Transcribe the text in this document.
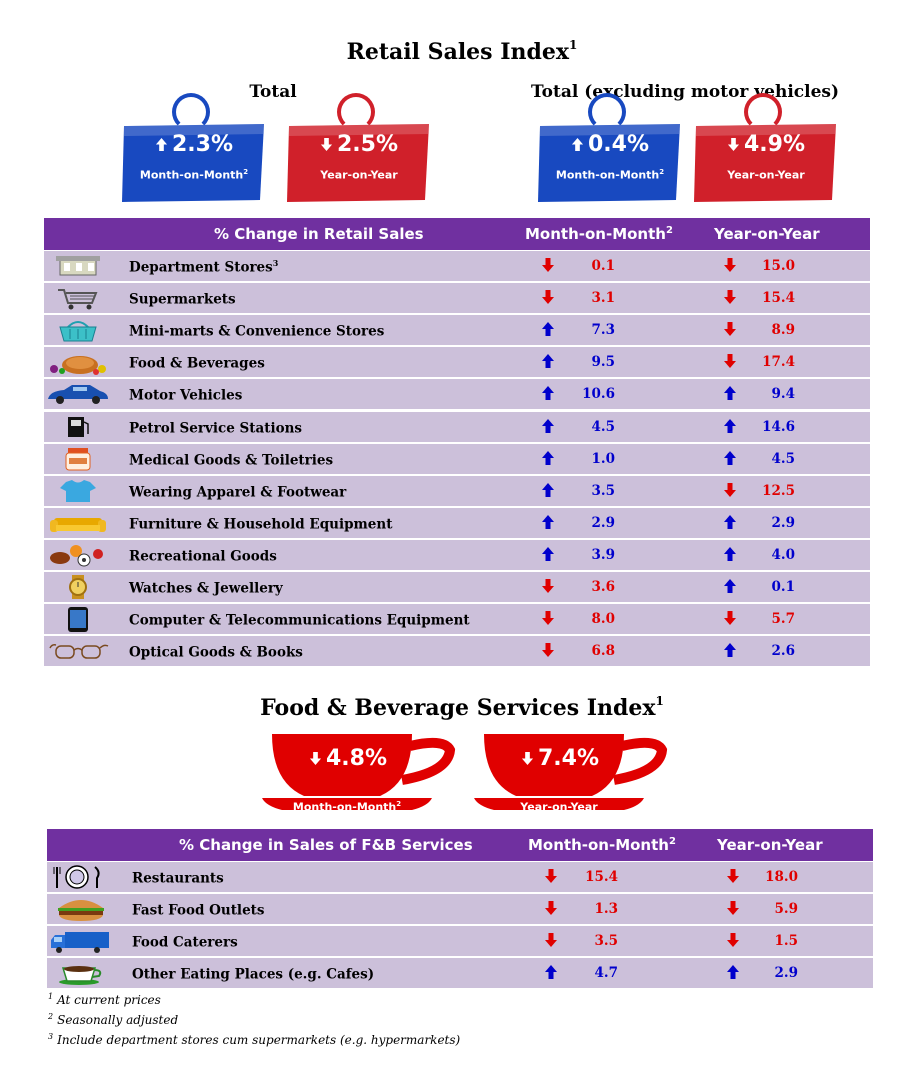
Retail Sales Index$^1$
Total	Total (excluding motor vehicles)
2.3%
Month-on-Month$^2$
2.5%
Year-on-Year
0.4%
Month-on-Month$^2$
4.9%
Year-on-Year
% Change in Retail Sales	Month-on-Month$^2$	Year-on-Year
Department Stores$^3$	0.1	15.0
Supermarkets	3.1	15.4
Mini-marts & Convenience Stores	7.3	8.9
Food & Beverages	9.5	17.4
Motor Vehicles	10.6	9.4
Petrol Service Stations	4.5	14.6
Medical Goods & Toiletries	1.0	4.5
Wearing Apparel & Footwear	3.5	12.5
Furniture & Household Equipment	2.9	2.9
Recreational Goods	3.9	4.0
Watches & Jewellery	3.6	0.1
Computer & Telecommunications Equipment	8.0	5.7
Optical Goods & Books	6.8	2.6
Food & Beverage Services Index$^1$
4.8%
Month-on-Month$^2$
7.4%
Year-on-Year
% Change in Sales of F&B Services	Month-on-Month$^2$	Year-on-Year
Restaurants	15.4	18.0
Fast Food Outlets	1.3	5.9
Food Caterers	3.5	1.5
Other Eating Places (e.g. Cafes)	4.7	2.9
$^1$ At current prices
$^2$ Seasonally adjusted
$^3$ Include department stores cum supermarkets (e.g. hypermarkets)
